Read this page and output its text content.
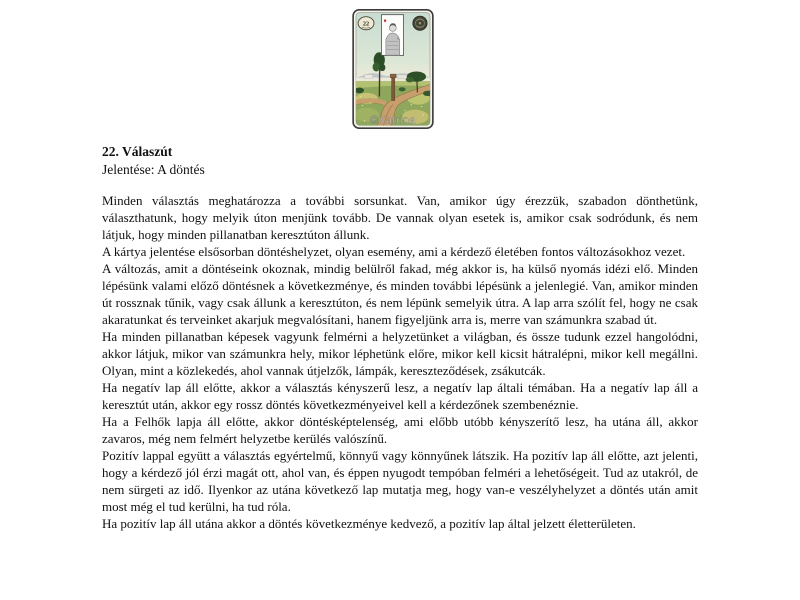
♦
22
©Katrina
22. Válaszút
Jelentése: A döntés

Minden választás meghatározza a további sorsunkat. Van, amikor úgy érezzük, szabadon dönthetünk, választhatunk, hogy melyik úton menjünk tovább. De vannak olyan esetek is, amikor csak sodródunk, és nem látjuk, hogy minden pillanatban keresztúton állunk.

A kártya jelentése elsősorban döntéshelyzet, olyan esemény, ami a kérdező életében fontos változásokhoz vezet.

A változás, amit a döntéseink okoznak, mindig belülről fakad, még akkor is, ha külső nyomás idézi elő. Minden lépésünk valami előző döntésnek a következménye, és minden további lépésünk a jelenlegié. Van, amikor minden út rossznak tűnik, vagy csak állunk a keresztúton, és nem lépünk semelyik útra. A lap arra szólít fel, hogy ne csak akaratunkat és terveinket akarjuk megvalósítani, hanem figyeljünk arra is, merre van számunkra szabad út.

Ha minden pillanatban képesek vagyunk felmérni a helyzetünket a világban, és össze tudunk ezzel hangolódni, akkor látjuk, mikor van számunkra hely, mikor léphetünk előre, mikor kell kicsit hátralépni, mikor kell megállni. Olyan, mint a közlekedés, ahol vannak útjelzők, lámpák, kereszteződések, zsákutcák.

Ha negatív lap áll előtte, akkor a választás kényszerű lesz, a negatív lap általi témában. Ha a negatív lap áll a keresztút után, akkor egy rossz döntés következményeivel kell a kérdezőnek szembenéznie.

Ha a Felhők lapja áll előtte, akkor döntésképtelenség, ami előbb utóbb kényszerítő lesz, ha utána áll, akkor zavaros, még nem felmért helyzetbe kerülés valószínű.

Pozitív lappal együtt a választás egyértelmű, könnyű vagy könnyűnek látszik. Ha pozitív lap áll előtte, azt jelenti, hogy a kérdező jól érzi magát ott, ahol van, és éppen nyugodt tempóban felméri a lehetőségeit. Tud az utakról, de nem sürgeti az idő. Ilyenkor az utána következő lap mutatja meg, hogy van-e veszélyhelyzet a döntés után amit most még el tud kerülni, ha tud róla.

Ha pozitív lap áll utána akkor a döntés következménye kedvező, a pozitív lap által jelzett életterületen.
